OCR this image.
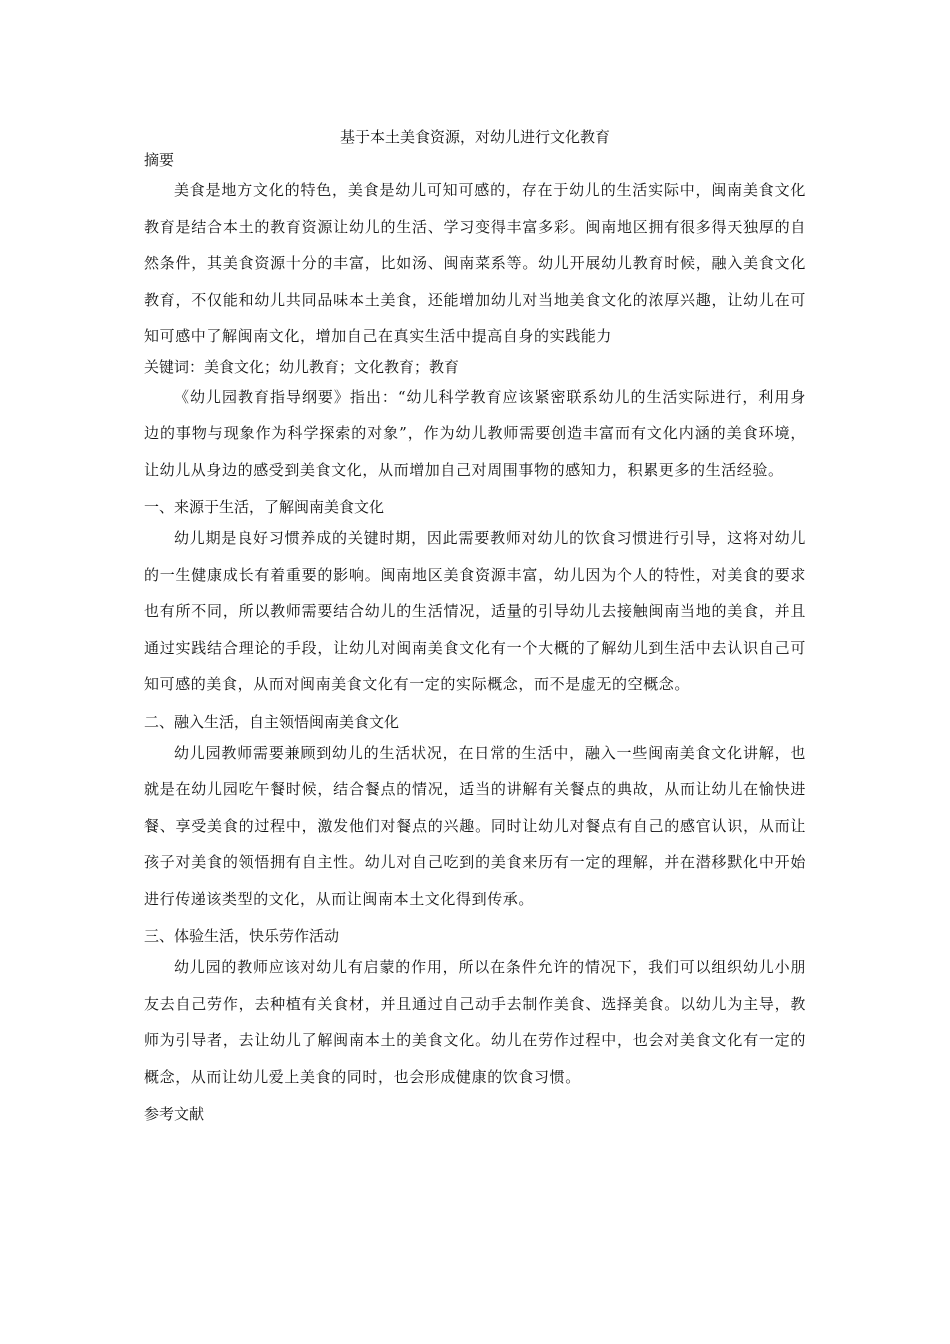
基于本土美食资源，对幼儿进行文化教育

摘要

美食是地方文化的特色，美食是幼儿可知可感的，存在于幼儿的生活实际中，闽南美食文化教育是结合本土的教育资源让幼儿的生活、学习变得丰富多彩。闽南地区拥有很多得天独厚的自然条件，其美食资源十分的丰富，比如汤、闽南菜系等。幼儿开展幼儿教育时候，融入美食文化教育，不仅能和幼儿共同品味本土美食，还能增加幼儿对当地美食文化的浓厚兴趣，让幼儿在可知可感中了解闽南文化，增加自己在真实生活中提高自身的实践能力

关键词：美食文化；幼儿教育；文化教育；教育

《幼儿园教育指导纲要》指出：“幼儿科学教育应该紧密联系幼儿的生活实际进行，利用身边的事物与现象作为科学探索的对象”，作为幼儿教师需要创造丰富而有文化内涵的美食环境，让幼儿从身边的感受到美食文化，从而增加自己对周围事物的感知力，积累更多的生活经验。

一、来源于生活，了解闽南美食文化

幼儿期是良好习惯养成的关键时期，因此需要教师对幼儿的饮食习惯进行引导，这将对幼儿的一生健康成长有着重要的影响。闽南地区美食资源丰富，幼儿因为个人的特性，对美食的要求也有所不同，所以教师需要结合幼儿的生活情况，适量的引导幼儿去接触闽南当地的美食，并且通过实践结合理论的手段，让幼儿对闽南美食文化有一个大概的了解幼儿到生活中去认识自己可知可感的美食，从而对闽南美食文化有一定的实际概念，而不是虚无的空概念。

二、融入生活，自主领悟闽南美食文化

幼儿园教师需要兼顾到幼儿的生活状况，在日常的生活中，融入一些闽南美食文化讲解，也就是在幼儿园吃午餐时候，结合餐点的情况，适当的讲解有关餐点的典故，从而让幼儿在愉快进餐、享受美食的过程中，激发他们对餐点的兴趣。同时让幼儿对餐点有自己的感官认识，从而让孩子对美食的领悟拥有自主性。幼儿对自己吃到的美食来历有一定的理解，并在潜移默化中开始进行传递该类型的文化，从而让闽南本土文化得到传承。

三、体验生活，快乐劳作活动

幼儿园的教师应该对幼儿有启蒙的作用，所以在条件允许的情况下，我们可以组织幼儿小朋友去自己劳作，去种植有关食材，并且通过自己动手去制作美食、选择美食。以幼儿为主导，教师为引导者，去让幼儿了解闽南本土的美食文化。幼儿在劳作过程中，也会对美食文化有一定的概念，从而让幼儿爱上美食的同时，也会形成健康的饮食习惯。

参考文献
